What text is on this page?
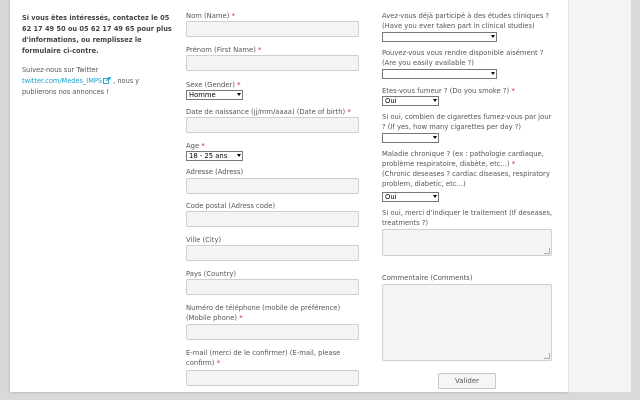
Si vous êtes intéressés, contactez le 05 62 17 49 50 ou 05 62 17 49 65 pour plus d'informations, ou remplissez le formulaire ci-contre.
Suivez-nous sur Twitter
twitter.com/Medes_IMPS , nous y publierons nos annonces !
Nom (Name) *
Prénom (First Name) *
Sexe (Gender) *
Homme
Date de naissance (jj/mm/aaaa) (Date of birth) *
Age *
18 - 25 ans
Adresse (Adress)
Code postal (Adress code)
Ville (City)
Pays (Country)
Numéro de téléphone (mobile de préférence) (Mobile phone) *
E-mail (merci de le confirmer) (E-mail, please confirm) *
Avez-vous déjà participé à des études cliniques ? (Have you ever taken part in clinical studies)
Pouvez-vous vous rendre disponible aisément ? (Are you easily available ?)
Etes-vous fumeur ? (Do you smoke ?) *
Oui
Si oui, combien de cigarettes fumez-vous par jour ? (If yes, how many cigarettes per day ?)
Maladie chronique ? (ex : pathologie cardiaque, problème respiratoire, diabète, etc...) *
(Chronic deseases ? cardiac diseases, respiratory problem, diabetic, etc...)
Oui
Si oui, merci d'indiquer le traitement (If deseases, treatments ?)
Commentaire (Comments)
Valider
